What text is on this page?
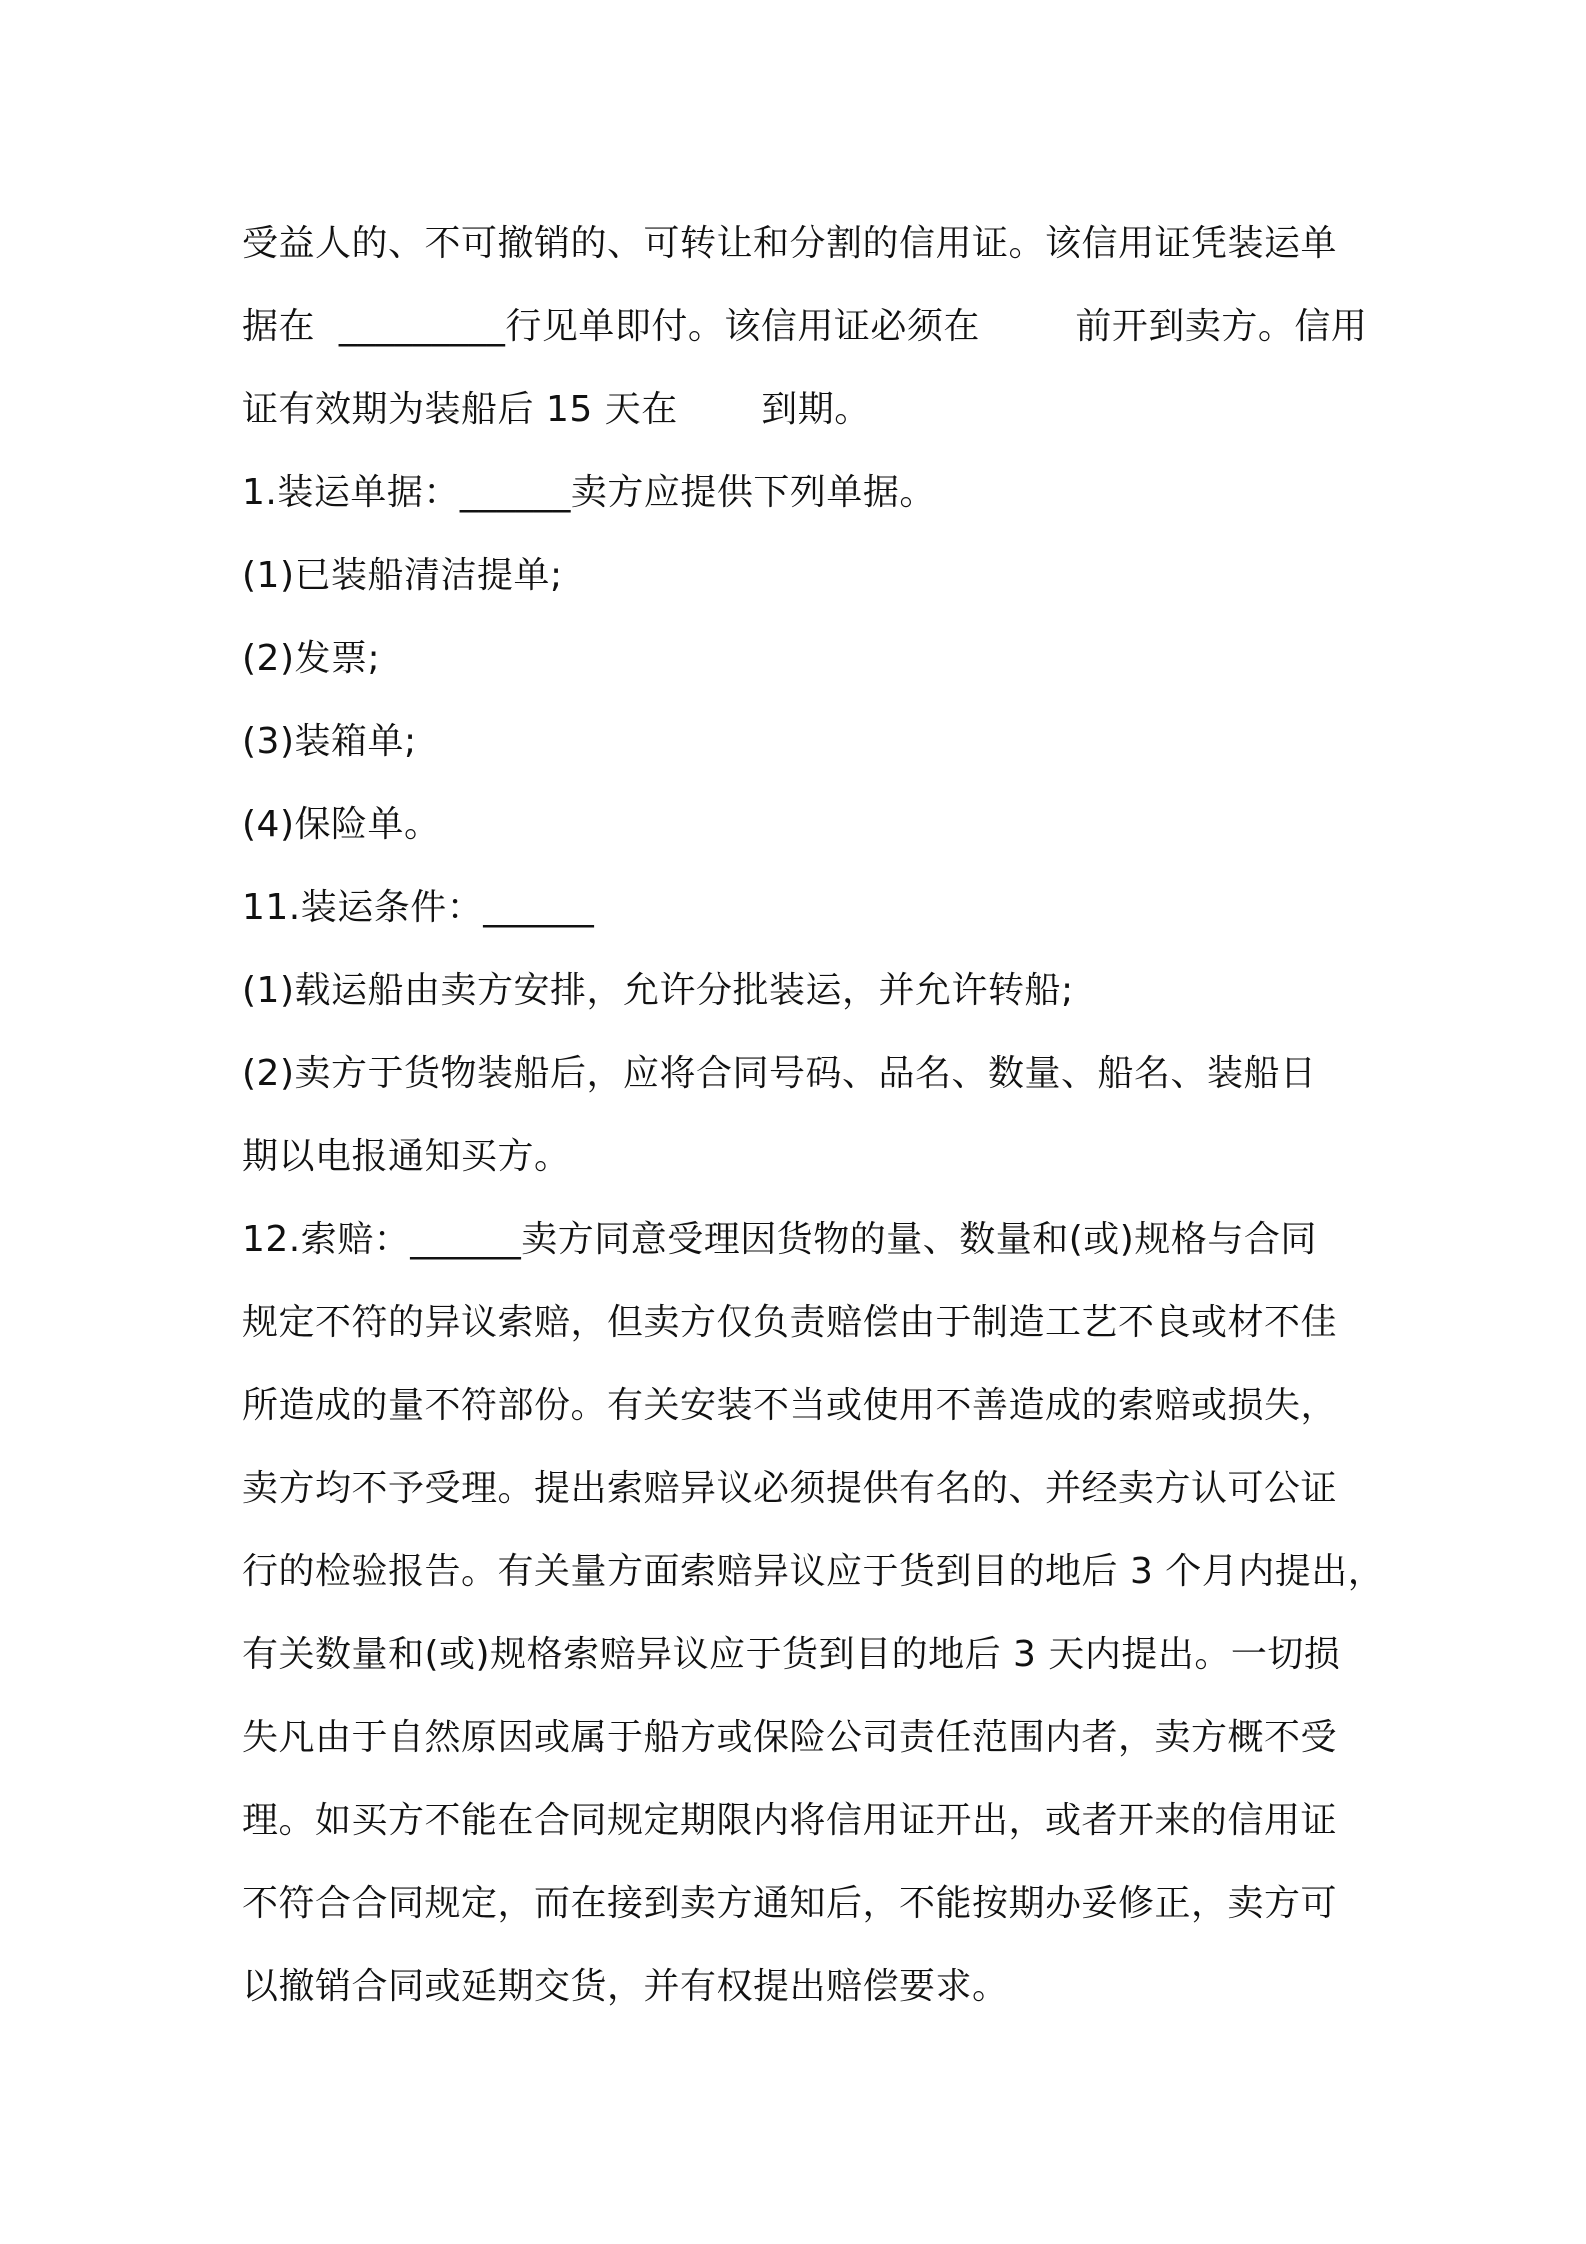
受益人的、不可撤销的、可转让和分割的信用证。该信用证凭装运单
据在  _________行见单即付。该信用证必须在        前开到卖方。信用
证有效期为装船后 15 天在       到期。
1.装运单据：______卖方应提供下列单据。
(1)已装船清洁提单;
(2)发票;
(3)装箱单;
(4)保险单。
11.装运条件：______
(1)载运船由卖方安排，允许分批装运，并允许转船;
(2)卖方于货物装船后，应将合同号码、品名、数量、船名、装船日
期以电报通知买方。
12.索赔：______卖方同意受理因货物的量、数量和(或)规格与合同
规定不符的异议索赔，但卖方仅负责赔偿由于制造工艺不良或材不佳
所造成的量不符部份。有关安装不当或使用不善造成的索赔或损失，
卖方均不予受理。提出索赔异议必须提供有名的、并经卖方认可公证
行的检验报告。有关量方面索赔异议应于货到目的地后 3 个月内提出，
有关数量和(或)规格索赔异议应于货到目的地后 3 天内提出。一切损
失凡由于自然原因或属于船方或保险公司责任范围内者，卖方概不受
理。如买方不能在合同规定期限内将信用证开出，或者开来的信用证
不符合合同规定，而在接到卖方通知后，不能按期办妥修正，卖方可
以撤销合同或延期交货，并有权提出赔偿要求。
